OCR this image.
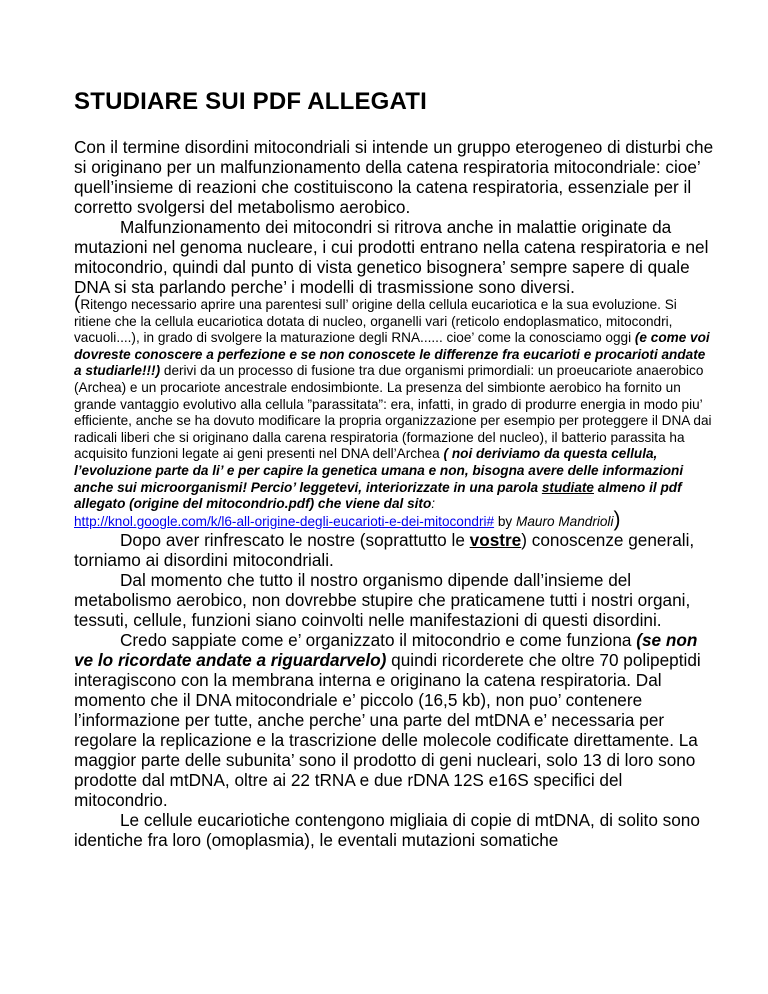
STUDIARE SUI PDF ALLEGATI

Con il termine disordini mitocondriali si intende un gruppo eterogeneo di disturbi che si originano per un malfunzionamento della catena respiratoria mitocondriale: cioe’ quell’insieme di reazioni che costituiscono la catena respiratoria, essenziale per il corretto svolgersi del metabolismo aerobico.

Malfunzionamento dei mitocondri si ritrova anche in malattie originate da mutazioni nel genoma nucleare, i cui prodotti entrano nella catena respiratoria e nel mitocondrio, quindi dal punto di vista genetico bisognera’ sempre sapere di quale DNA si sta parlando perche’ i modelli di trasmissione sono diversi.

(Ritengo necessario aprire una parentesi sull’ origine della cellula eucariotica e la sua evoluzione. Si ritiene che la cellula eucariotica dotata di nucleo, organelli vari (reticolo endoplasmatico, mitocondri, vacuoli....), in grado di svolgere la maturazione degli RNA...... cioe’ come la conosciamo oggi (e come voi dovreste conoscere a perfezione e se non conoscete le differenze fra eucarioti e procarioti andate a studiarle!!!) derivi da un processo di fusione tra due organismi primordiali: un proeucariote anaerobico (Archea) e un procariote ancestrale endosimbionte. La presenza del simbionte aerobico ha fornito un grande vantaggio evolutivo alla cellula ”parassitata”: era, infatti, in grado di produrre energia in modo piu’ efficiente, anche se ha dovuto modificare la propria organizzazione per esempio per proteggere il DNA dai radicali liberi che si originano dalla carena respiratoria (formazione del nucleo), il batterio parassita ha acquisito funzioni legate ai geni presenti nel DNA dell’Archea ( noi deriviamo da questa cellula, l’evoluzione parte da li’ e per capire la genetica umana e non, bisogna avere delle informazioni anche sui microorganismi! Percio’ leggetevi, interiorizzate in una parola studiate almeno il pdf allegato (origine del mitocondrio.pdf) che viene dal sito:
http://knol.google.com/k/l6-all-origine-degli-eucarioti-e-dei-mitocondri# by Mauro Mandrioli)

Dopo aver rinfrescato le nostre (soprattutto le vostre) conoscenze generali, torniamo ai disordini mitocondriali.

Dal momento che tutto il nostro organismo dipende dall’insieme del metabolismo aerobico, non dovrebbe stupire che praticamene tutti i nostri organi, tessuti, cellule, funzioni siano coinvolti nelle manifestazioni di questi disordini.

Credo sappiate come e’ organizzato il mitocondrio e come funziona (se non ve lo ricordate andate a riguardarvelo) quindi ricorderete che oltre 70 polipeptidi interagiscono con la membrana interna e originano la catena respiratoria. Dal momento che il DNA mitocondriale e’ piccolo (16,5 kb), non puo’ contenere l’informazione per tutte, anche perche’ una parte del mtDNA e’ necessaria per regolare la replicazione e la trascrizione delle molecole codificate direttamente. La maggior parte delle subunita’ sono il prodotto di geni nucleari, solo 13 di loro sono prodotte dal mtDNA, oltre ai 22 tRNA e due rDNA 12S e16S specifici del mitocondrio.

Le cellule eucariotiche contengono migliaia di copie di mtDNA, di solito sono identiche fra loro (omoplasmia), le eventali mutazioni somatiche
